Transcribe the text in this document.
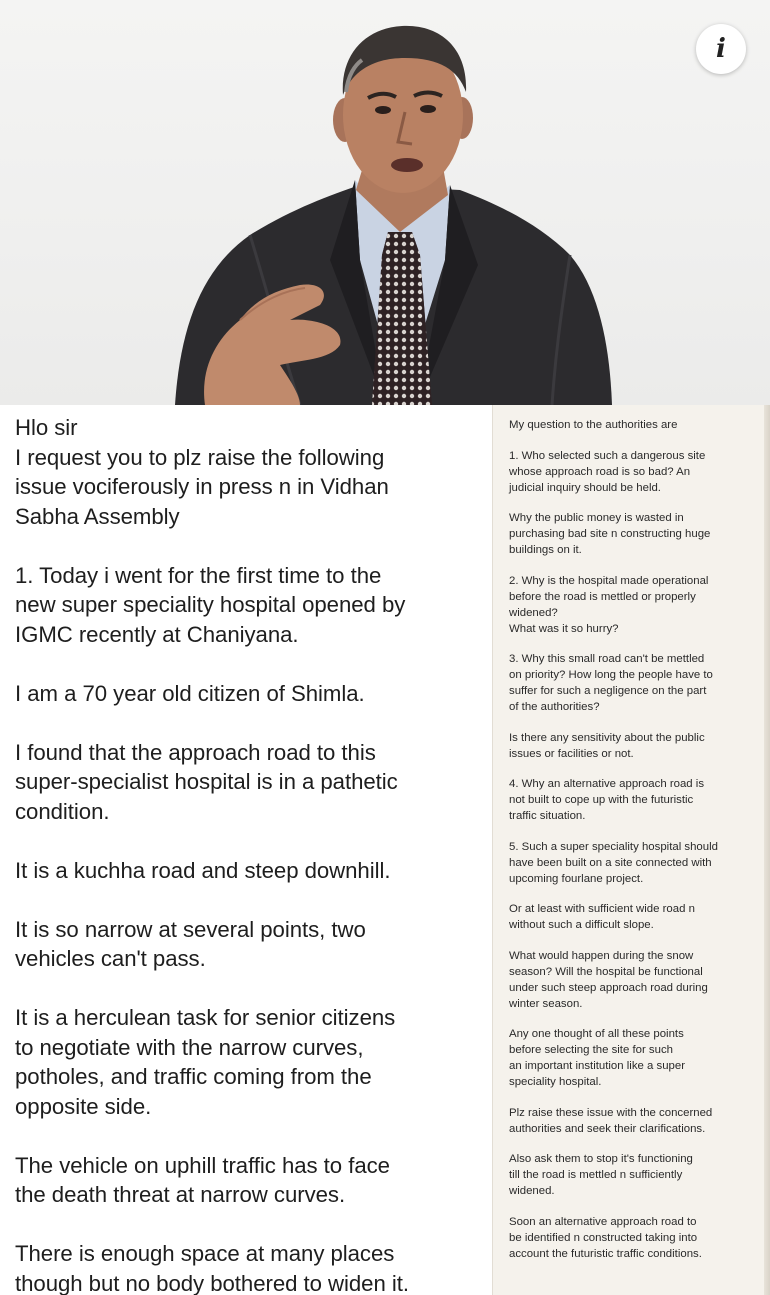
i
Hlo sir
I request you to plz raise the following
issue vociferously in press n in Vidhan
Sabha Assembly
1. Today i went for the first time to the
new super speciality hospital opened by
IGMC recently at Chaniyana.
I am a 70 year old citizen of Shimla.
I found that the approach road to this
super-specialist hospital is in a pathetic
condition.
It is a kuchha road and steep downhill.
It is so narrow at several points, two
vehicles can't pass.
It is a herculean task for senior citizens
to negotiate with the narrow curves,
potholes, and traffic coming from the
opposite side.
The vehicle on uphill traffic has to face
the death threat at narrow curves.
There is enough space at many places
though but no body bothered to widen it.
My question to the authorities are
1. Who selected such a dangerous site
whose approach road is so bad? An
judicial inquiry should be held.
Why the public money is wasted in
purchasing bad site n constructing huge
buildings on it.
2. Why is the hospital made operational
before the road is mettled or properly
widened?
What was it so hurry?
3. Why this small road can't be mettled
on priority? How long the people have to
suffer for such a negligence on the part
of the authorities?
Is there any sensitivity about the public
issues or facilities or not.
4. Why an alternative approach road is
not built to cope up with the futuristic
traffic situation.
5. Such a super speciality hospital should
have been built on a site connected with
upcoming fourlane project.
Or at least with sufficient wide road n
without such a difficult slope.
What would happen during the snow
season? Will the hospital be functional
under such steep approach road during
winter season.
Any one thought of all these points
before selecting the site for such
an important institution like a super
speciality hospital.
Plz raise these issue with the concerned
authorities and seek their clarifications.
Also ask them to stop it's functioning
till the road is mettled n sufficiently
widened.
Soon an alternative approach road to
be identified n constructed taking into
account the futuristic traffic conditions.
